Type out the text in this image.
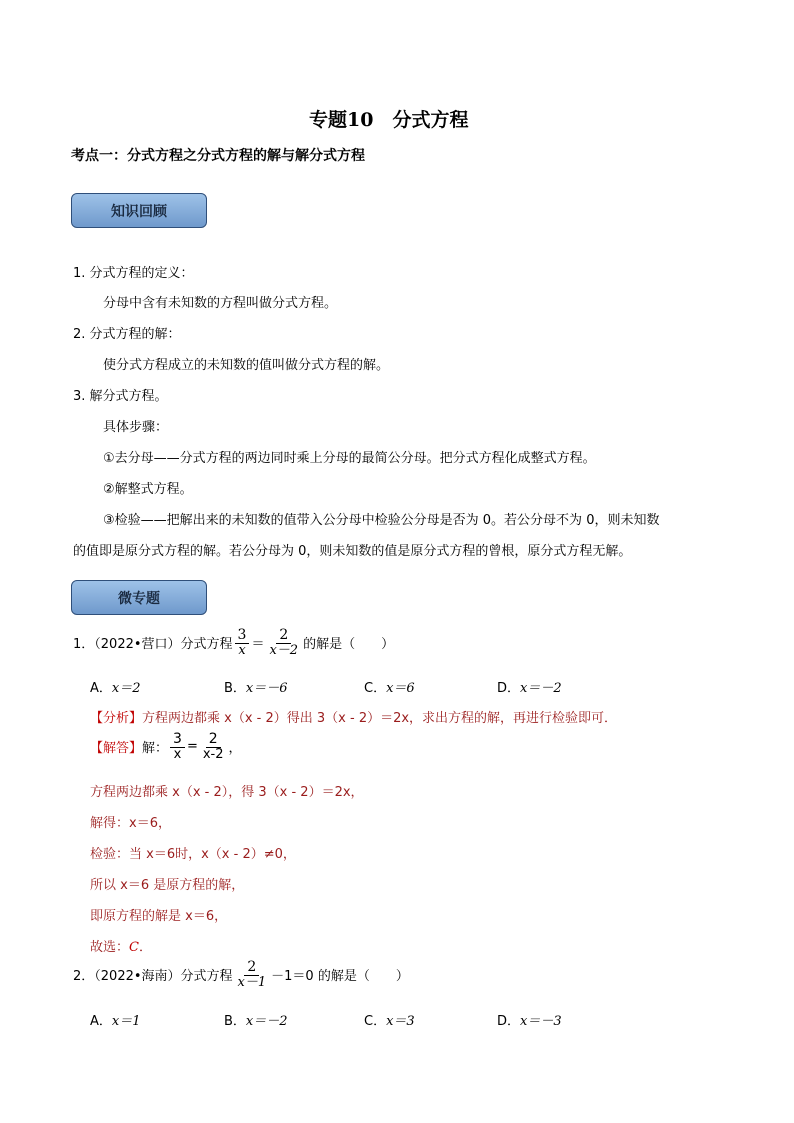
专题10　分式方程
考点一：分式方程之分式方程的解与解分式方程
知识回顾
1. 分式方程的定义：
分母中含有未知数的方程叫做分式方程。
2. 分式方程的解：
使分式方程成立的未知数的值叫做分式方程的解。
3. 解分式方程。
具体步骤：
①去分母——分式方程的两边同时乘上分母的最简公分母。把分式方程化成整式方程。
②解整式方程。
③检验——把解出来的未知数的值带入公分母中检验公分母是否为 0。若公分母不为 0，则未知数
的值即是原分式方程的解。若公分母为 0，则未知数的值是原分式方程的曾根，原分式方程无解。
微专题
1．（2022•营口）分式方程 $\frac{3}{x} = \frac{2}{x-2}$ 的解是（　　）
A．x＝2	B．x＝－6	C．x＝6	D．x＝－2
【分析】方程两边都乘 x（x - 2）得出 3（x - 2）＝2x，求出方程的解，再进行检验即可．
【解答】 解： $\frac{3}{x} = \frac{2}{x-2}$ ，
方程两边都乘 x（x - 2），得 3（x - 2）＝2x，
解得：x＝6，
检验：当 x＝6时，x（x - 2）≠0，
所以 x＝6 是原方程的解，
即原方程的解是 x＝6，
故选：C．
2．（2022•海南）分式方程 $\frac{2}{x-1} -1=0$ 的解是（　　）
A．x＝1	B．x＝－2	C．x＝3	D．x＝－3
